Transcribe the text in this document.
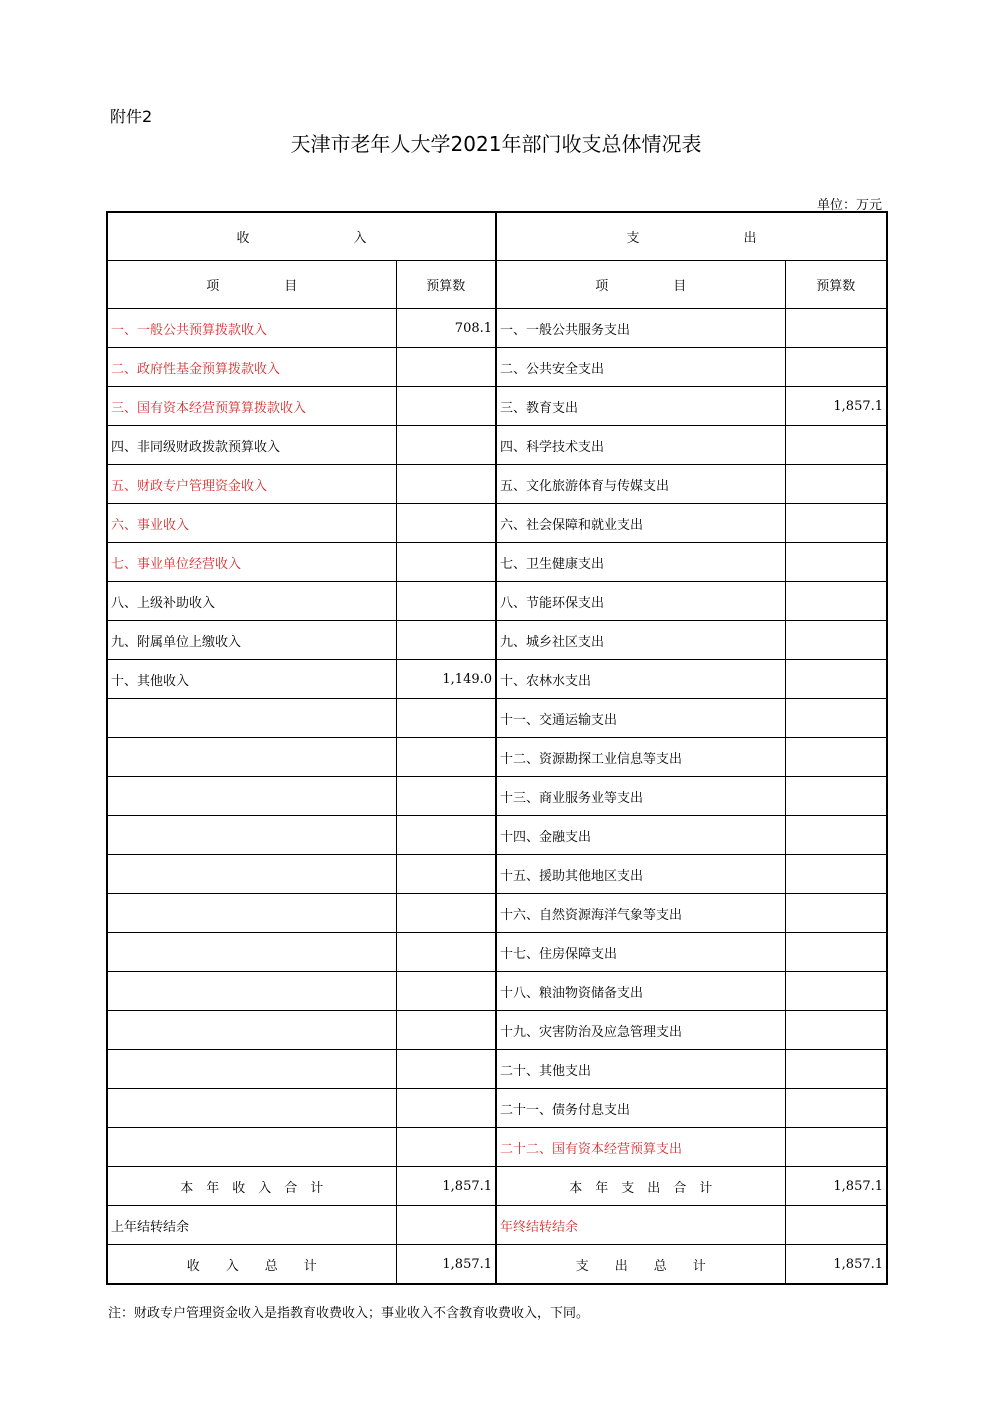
附件2
天津市老年人大学2021年部门收支总体情况表
单位：万元
收　　　　　　　　入		支　　　　　　　　出	
项　　　　　目	预算数	项　　　　　目	预算数
一、一般公共预算拨款收入	708.1	一、一般公共服务支出	
二、政府性基金预算拨款收入		二、公共安全支出	
三、国有资本经营预算算拨款收入		三、教育支出	1,857.1
四、非同级财政拨款预算收入		四、科学技术支出	
五、财政专户管理资金收入		五、文化旅游体育与传媒支出	
六、事业收入		六、社会保障和就业支出	
七、事业单位经营收入		七、卫生健康支出	
八、上级补助收入		八、节能环保支出	
九、附属单位上缴收入		九、城乡社区支出	
十、其他收入	1,149.0	十、农林水支出	
		十一、交通运输支出	
		十二、资源勘探工业信息等支出	
		十三、商业服务业等支出	
		十四、金融支出	
		十五、援助其他地区支出	
		十六、自然资源海洋气象等支出	
		十七、住房保障支出	
		十八、粮油物资储备支出	
		十九、灾害防治及应急管理支出	
		二十、其他支出	
		二十一、债务付息支出	
		二十二、国有资本经营预算支出	
本　年　收　入　合　计	1,857.1	本　年　支　出　合　计	1,857.1
上年结转结余		年终结转结余	
收　　入　　总　　计	1,857.1	支　　出　　总　　计	1,857.1
注：财政专户管理资金收入是指教育收费收入；事业收入不含教育收费收入，下同。
